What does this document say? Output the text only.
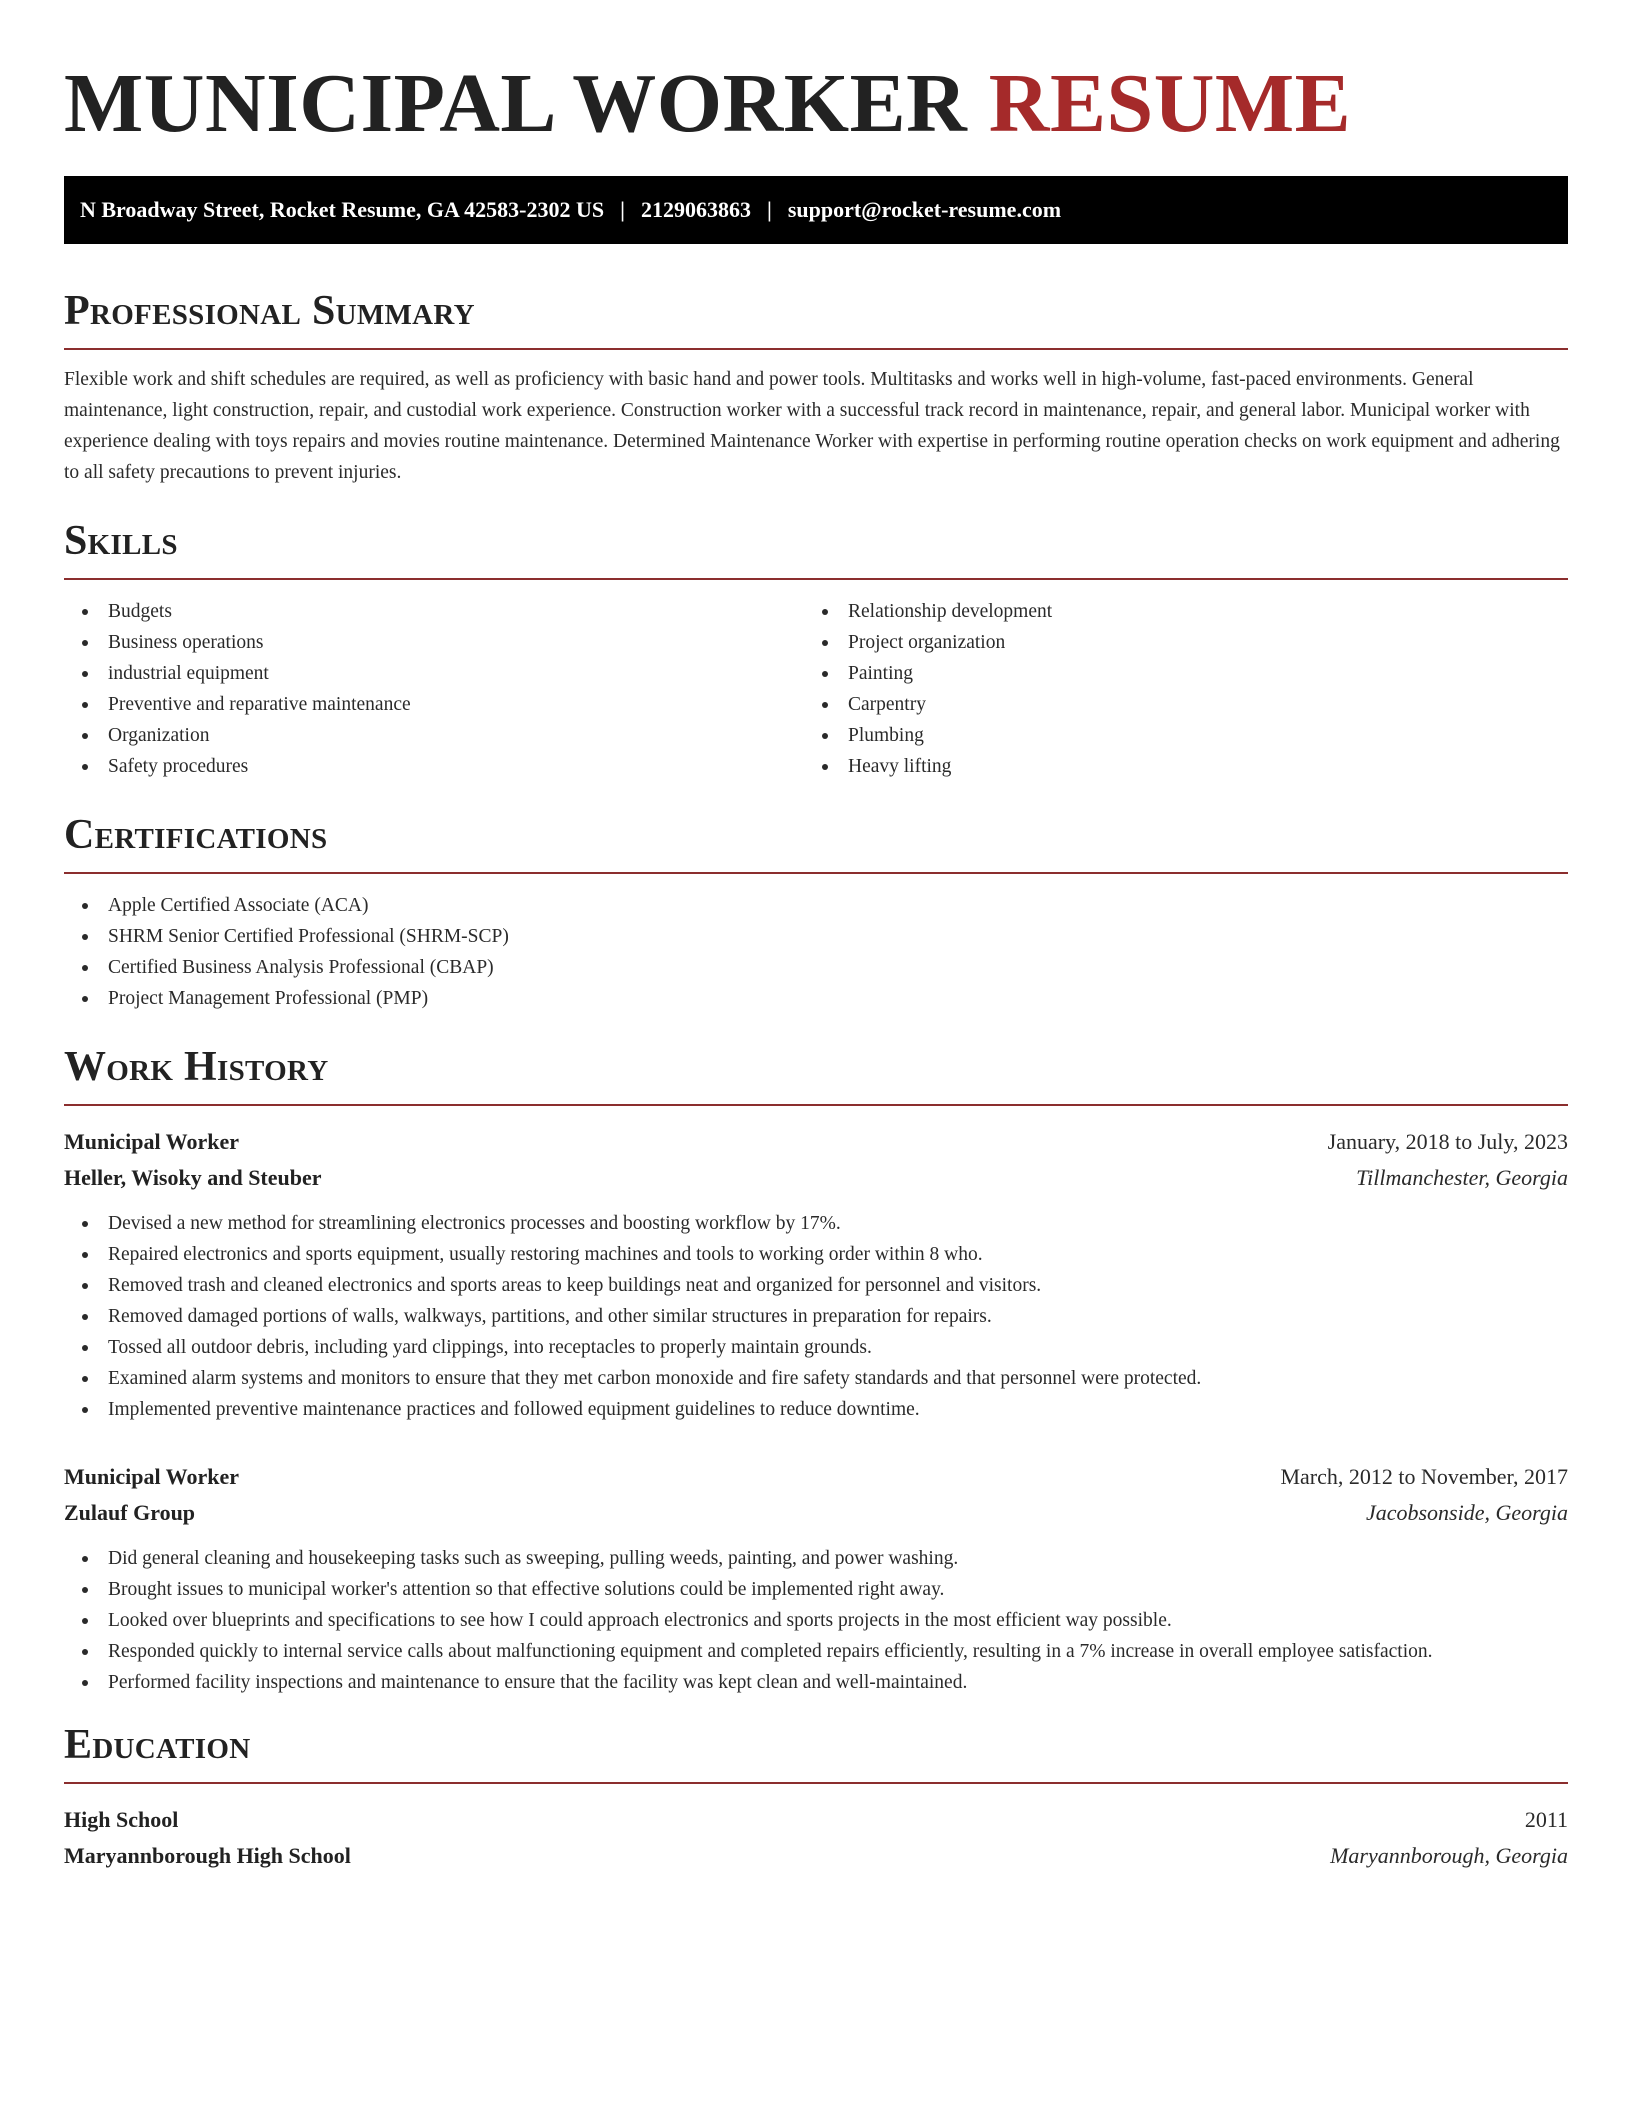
MUNICIPAL WORKER RESUME
N Broadway Street, Rocket Resume, GA 42583-2302 US | 2129063863 | support@rocket-resume.com
Professional Summary

Flexible work and shift schedules are required, as well as proficiency with basic hand and power tools. Multitasks and works well in high-volume, fast-paced environments. General maintenance, light construction, repair, and custodial work experience. Construction worker with a successful track record in maintenance, repair, and general labor. Municipal worker with experience dealing with toys repairs and movies routine maintenance. Determined Maintenance Worker with expertise in performing routine operation checks on work equipment and adhering to all safety precautions to prevent injuries.

Skills
Budgets
Business operations
industrial equipment
Preventive and reparative maintenance
Organization
Safety procedures
Relationship development
Project organization
Painting
Carpentry
Plumbing
Heavy lifting
Certifications
Apple Certified Associate (ACA)
SHRM Senior Certified Professional (SHRM-SCP)
Certified Business Analysis Professional (CBAP)
Project Management Professional (PMP)
Work History
Municipal Worker	January, 2018 to July, 2023
Heller, Wisoky and Steuber	Tillmanchester, Georgia
Devised a new method for streamlining electronics processes and boosting workflow by 17%.
Repaired electronics and sports equipment, usually restoring machines and tools to working order within 8 who.
Removed trash and cleaned electronics and sports areas to keep buildings neat and organized for personnel and visitors.
Removed damaged portions of walls, walkways, partitions, and other similar structures in preparation for repairs.
Tossed all outdoor debris, including yard clippings, into receptacles to properly maintain grounds.
Examined alarm systems and monitors to ensure that they met carbon monoxide and fire safety standards and that personnel were protected.
Implemented preventive maintenance practices and followed equipment guidelines to reduce downtime.
Municipal Worker	March, 2012 to November, 2017
Zulauf Group	Jacobsonside, Georgia
Did general cleaning and housekeeping tasks such as sweeping, pulling weeds, painting, and power washing.
Brought issues to municipal worker's attention so that effective solutions could be implemented right away.
Looked over blueprints and specifications to see how I could approach electronics and sports projects in the most efficient way possible.
Responded quickly to internal service calls about malfunctioning equipment and completed repairs efficiently, resulting in a 7% increase in overall employee satisfaction.
Performed facility inspections and maintenance to ensure that the facility was kept clean and well-maintained.
Education
High School	2011
Maryannborough High School	Maryannborough, Georgia
